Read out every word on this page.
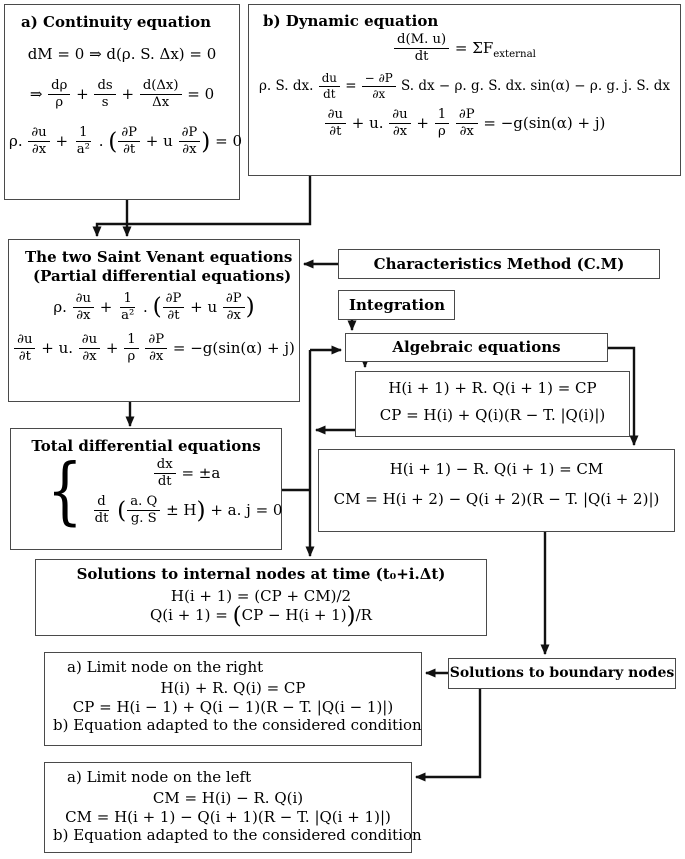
a) Continuity equation
dM = 0 ⇒ d(ρ. S. Δx) = 0
⇒ $\frac{d\rho}{\rho} + \frac{ds}{s} + \frac{d(\Delta x)}{\Delta x} = 0$
ρ. $\frac{\partial u}{\partial x} + \frac{1}{\text{a²}}$ . ( $\frac{\partial P}{\partial t} + u \frac{\partial P}{\partial x}$ ) = 0
b) Dynamic equation
$\frac{d(M. u)}{dt} = \Sigma F_{external}$
ρ. S. dx. $\frac{du}{dt} = \frac{- \partial P}{\partial x} S$. dx − ρ. g. S. dx. sin(α) − ρ. g. j. S. dx
$\frac{\partial u}{\partial t} + u$. $\frac{\partial u}{\partial x} + \frac{1}{\rho}$
$\frac{\partial P}{\partial x} = -g(\sin(\alpha) + j)$
The two Saint Venant equations
(Partial differential equations)
ρ. $\frac{\partial u}{\partial x} + \frac{1}{\text{a²}}$ . ( $\frac{\partial P}{\partial t} + u \frac{\partial P}{\partial x}$ )
$\frac{\partial u}{\partial t} + u$. $\frac{\partial u}{\partial x} + \frac{1}{\rho}$
$\frac{\partial P}{\partial x} = -g(\sin(\alpha) + j)$
Characteristics Method (C.M)
Integration
Algebraic equations
H(i + 1) + R. Q(i + 1) = CP
CP = H(i) + Q(i)(R − T. |Q(i)|)
Total differential equations
{	$\frac{dx}{dt} = \pm a$
$\frac{d}{dt}$ ( $\frac{a. Q}{g. S} \pm H) + a$. j = 0
H(i + 1) − R. Q(i + 1) = CM
CM = H(i + 2) − Q(i + 2)(R − T. |Q(i + 2)|)
Solutions to internal nodes at time (t₀+i.Δt)
H(i + 1) = (CP + CM)/2
Q(i + 1) = (CP − H(i + 1))/R
Solutions to boundary nodes
a) Limit node on the right
H(i) + R. Q(i) = CP
CP = H(i − 1) + Q(i − 1)(R − T. |Q(i − 1)|)
b) Equation adapted to the considered condition
a) Limit node on the left
CM = H(i) − R. Q(i)
CM = H(i + 1) − Q(i + 1)(R − T. |Q(i + 1)|)
b) Equation adapted to the considered condition
